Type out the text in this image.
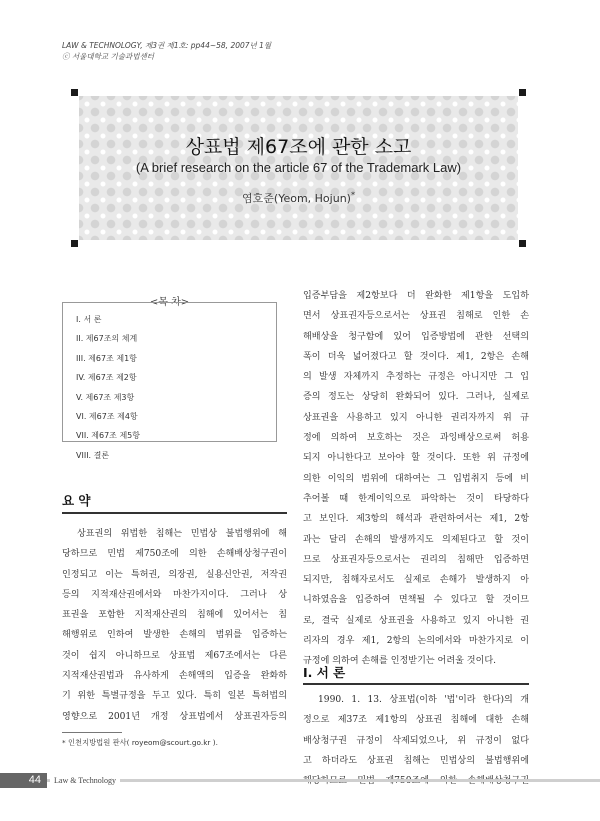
LAW & TECHNOLOGY, 제3권 제1호: pp44~58, 2007년 1월
ⓒ 서울대학교 기술과법센터
상표법 제67조에 관한 소고
(A brief research on the article 67 of the Trademark Law)
염호준(Yeom, Hojun)*
<목 차>
I. 서 론
II. 제67조의 체계
III. 제67조 제1항
IV. 제67조 제2항
V. 제67조 제3항
VI. 제67조 제4항
VII. 제67조 제5항
VIII. 결론
요 약
상표권의 위법한 침해는 민법상 불법행위에 해
당하므로 민법 제750조에 의한 손해배상청구권이
인정되고 이는 특허권, 의장권, 실용신안권, 저작권
등의 지적재산권에서와 마찬가지이다. 그러나 상
표권을 포함한 지적재산권의 침해에 있어서는 침
해행위로 인하여 발생한 손해의 범위를 입증하는
것이 쉽지 아니하므로 상표법 제67조에서는 다른
지적재산권법과 유사하게 손해액의 입증을 완화하
기 위한 특별규정을 두고 있다. 특히 일본 특허법의
영향으로 2001년 개정 상표법에서 상표권자등의
입증부담을 제2항보다 더 완화한 제1항을 도입하
면서 상표권자등으로서는 상표권 침해로 인한 손
해배상을 청구함에 있어 입증방법에 관한 선택의
폭이 더욱 넓어졌다고 할 것이다. 제1, 2항은 손해
의 발생 자체까지 추정하는 규정은 아니지만 그 입
증의 정도는 상당히 완화되어 있다. 그러나, 실제로
상표권을 사용하고 있지 아니한 권리자까지 위 규
정에 의하여 보호하는 것은 과잉배상으로써 허용
되지 아니한다고 보아야 할 것이다. 또한 위 규정에
의한 이익의 범위에 대하여는 그 입법취지 등에 비
추어볼 때 한계이익으로 파악하는 것이 타당하다
고 보인다. 제3항의 해석과 관련하여서는 제1, 2항
과는 달리 손해의 발생까지도 의제된다고 할 것이
므로 상표권자등으로서는 권리의 침해만 입증하면
되지만, 침해자로서도 실제로 손해가 발생하지 아
니하였음을 입증하여 면책될 수 있다고 할 것이므
로, 결국 실제로 상표권을 사용하고 있지 아니한 권
리자의 경우 제1, 2항의 논의에서와 마찬가지로 이
규정에 의하여 손해를 인정받기는 어려울 것이다.
I. 서 론
1990. 1. 13. 상표법(이하 '법'이라 한다)의 개
정으로 제37조 제1항의 상표권 침해에 대한 손해
배상청구권 규정이 삭제되었으나, 위 규정이 없다
고 하더라도 상표권 침해는 민법상의 불법행위에
* 인천지방법원 판사( royeom@scourt.go.kr ).
44	Law & Technology
